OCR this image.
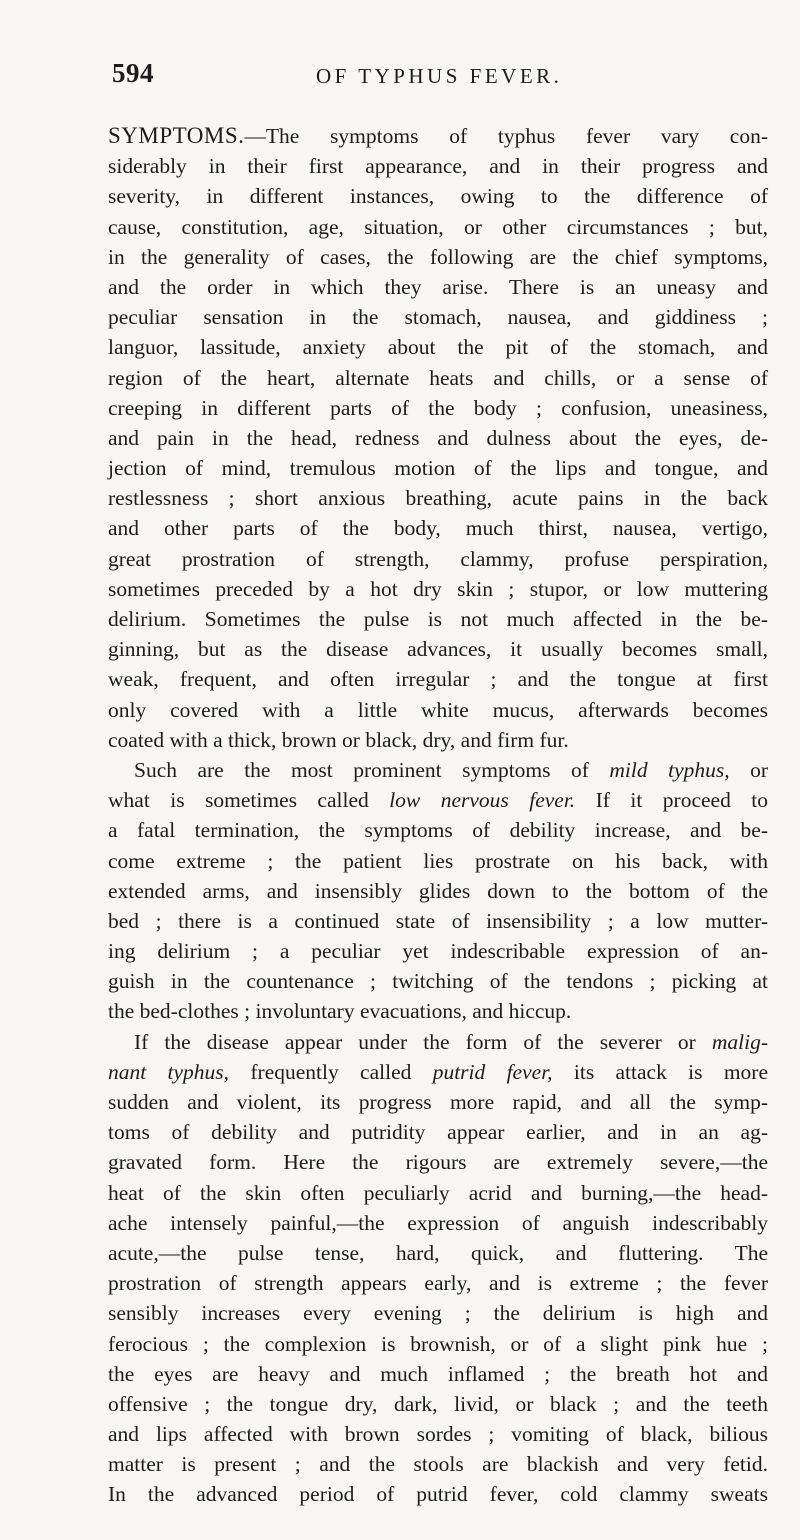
594	OF TYPHUS FEVER.
SYMPTOMS.—The symptoms of typhus fever vary con-
siderably in their first appearance, and in their progress and
severity, in different instances, owing to the difference of
cause, constitution, age, situation, or other circumstances ; but,
in the generality of cases, the following are the chief symptoms,
and the order in which they arise. There is an uneasy and
peculiar sensation in the stomach, nausea, and giddiness ;
languor, lassitude, anxiety about the pit of the stomach, and
region of the heart, alternate heats and chills, or a sense of
creeping in different parts of the body ; confusion, uneasiness,
and pain in the head, redness and dulness about the eyes, de-
jection of mind, tremulous motion of the lips and tongue, and
restlessness ; short anxious breathing, acute pains in the back
and other parts of the body, much thirst, nausea, vertigo,
great prostration of strength, clammy, profuse perspiration,
sometimes preceded by a hot dry skin ; stupor, or low muttering
delirium. Sometimes the pulse is not much affected in the be-
ginning, but as the disease advances, it usually becomes small,
weak, frequent, and often irregular ; and the tongue at first
only covered with a little white mucus, afterwards becomes
coated with a thick, brown or black, dry, and firm fur.
Such are the most prominent symptoms of mild typhus, or
what is sometimes called low nervous fever. If it proceed to
a fatal termination, the symptoms of debility increase, and be-
come extreme ; the patient lies prostrate on his back, with
extended arms, and insensibly glides down to the bottom of the
bed ; there is a continued state of insensibility ; a low mutter-
ing delirium ; a peculiar yet indescribable expression of an-
guish in the countenance ; twitching of the tendons ; picking at
the bed-clothes ; involuntary evacuations, and hiccup.
If the disease appear under the form of the severer or malig-
nant typhus, frequently called putrid fever, its attack is more
sudden and violent, its progress more rapid, and all the symp-
toms of debility and putridity appear earlier, and in an ag-
gravated form. Here the rigours are extremely severe,—the
heat of the skin often peculiarly acrid and burning,—the head-
ache intensely painful,—the expression of anguish indescribably
acute,—the pulse tense, hard, quick, and fluttering. The
prostration of strength appears early, and is extreme ; the fever
sensibly increases every evening ; the delirium is high and
ferocious ; the complexion is brownish, or of a slight pink hue ;
the eyes are heavy and much inflamed ; the breath hot and
offensive ; the tongue dry, dark, livid, or black ; and the teeth
and lips affected with brown sordes ; vomiting of black, bilious
matter is present ; and the stools are blackish and very fetid.
In the advanced period of putrid fever, cold clammy sweats
